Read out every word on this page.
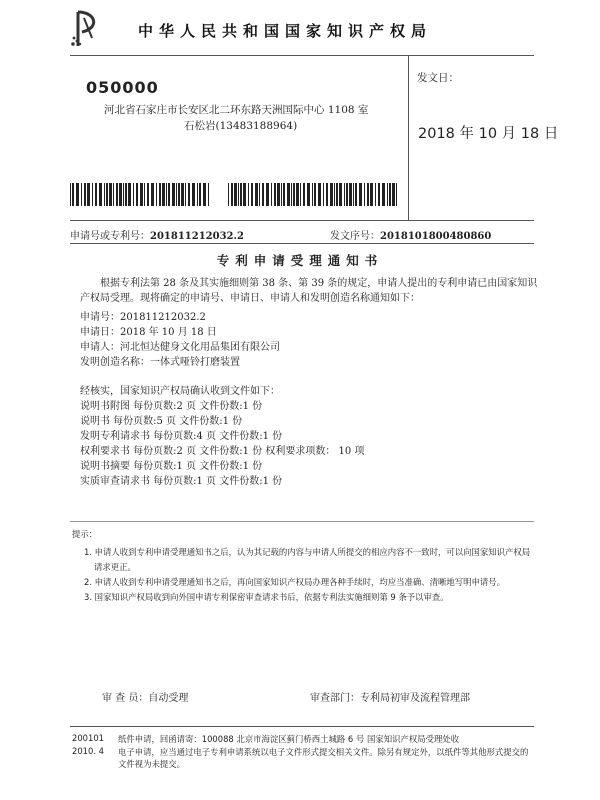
中华人民共和国国家知识产权局
050000
河北省石家庄市长安区北二环东路天洲国际中心 1108 室
石松岩(13483188964)
发文日：
2018 年 10 月 18 日
申请号或专利号：201811212032.2	发文序号：2018101800480860
专利申请受理通知书
根据专利法第 28 条及其实施细则第 38 条、第 39 条的规定，申请人提出的专利申请已由国家知识产权局受理。现将确定的申请号、申请日、申请人和发明创造名称通知如下：
申请号：201811212032.2
申请日：2018 年 10 月 18 日
申请人：河北恒达健身文化用品集团有限公司
发明创造名称：一体式哑铃打磨装置
经核实，国家知识产权局确认收到文件如下：
说明书附图 每份页数:2 页 文件份数:1 份
说明书 每份页数:5 页 文件份数:1 份
发明专利请求书 每份页数:4 页 文件份数:1 份
权利要求书 每份页数:2 页 文件份数:1 份 权利要求项数： 10 项
说明书摘要 每份页数:1 页 文件份数:1 份
实质审查请求书 每份页数:1 页 文件份数:1 份
提示：
1. 申请人收到专利申请受理通知书之后，认为其记载的内容与申请人所提交的相应内容不一致时，可以向国家知识产权局
请求更正。
2. 申请人收到专利申请受理通知书之后，再向国家知识产权局办理各种手续时，均应当准确、清晰地写明申请号。
3. 国家知识产权局收到向外国申请专利保密审查请求书后，依据专利法实施细则第 9 条予以审查。
审 查 员：自动受理	审查部门：专利局初审及流程管理部
200101
2010. 4
纸件申请，回函请寄：100088 北京市海淀区蓟门桥西土城路 6 号 国家知识产权局受理处收
电子申请，应当通过电子专利申请系统以电子文件形式提交相关文件。除另有规定外，以纸件等其他形式提交的
文件视为未提交。
